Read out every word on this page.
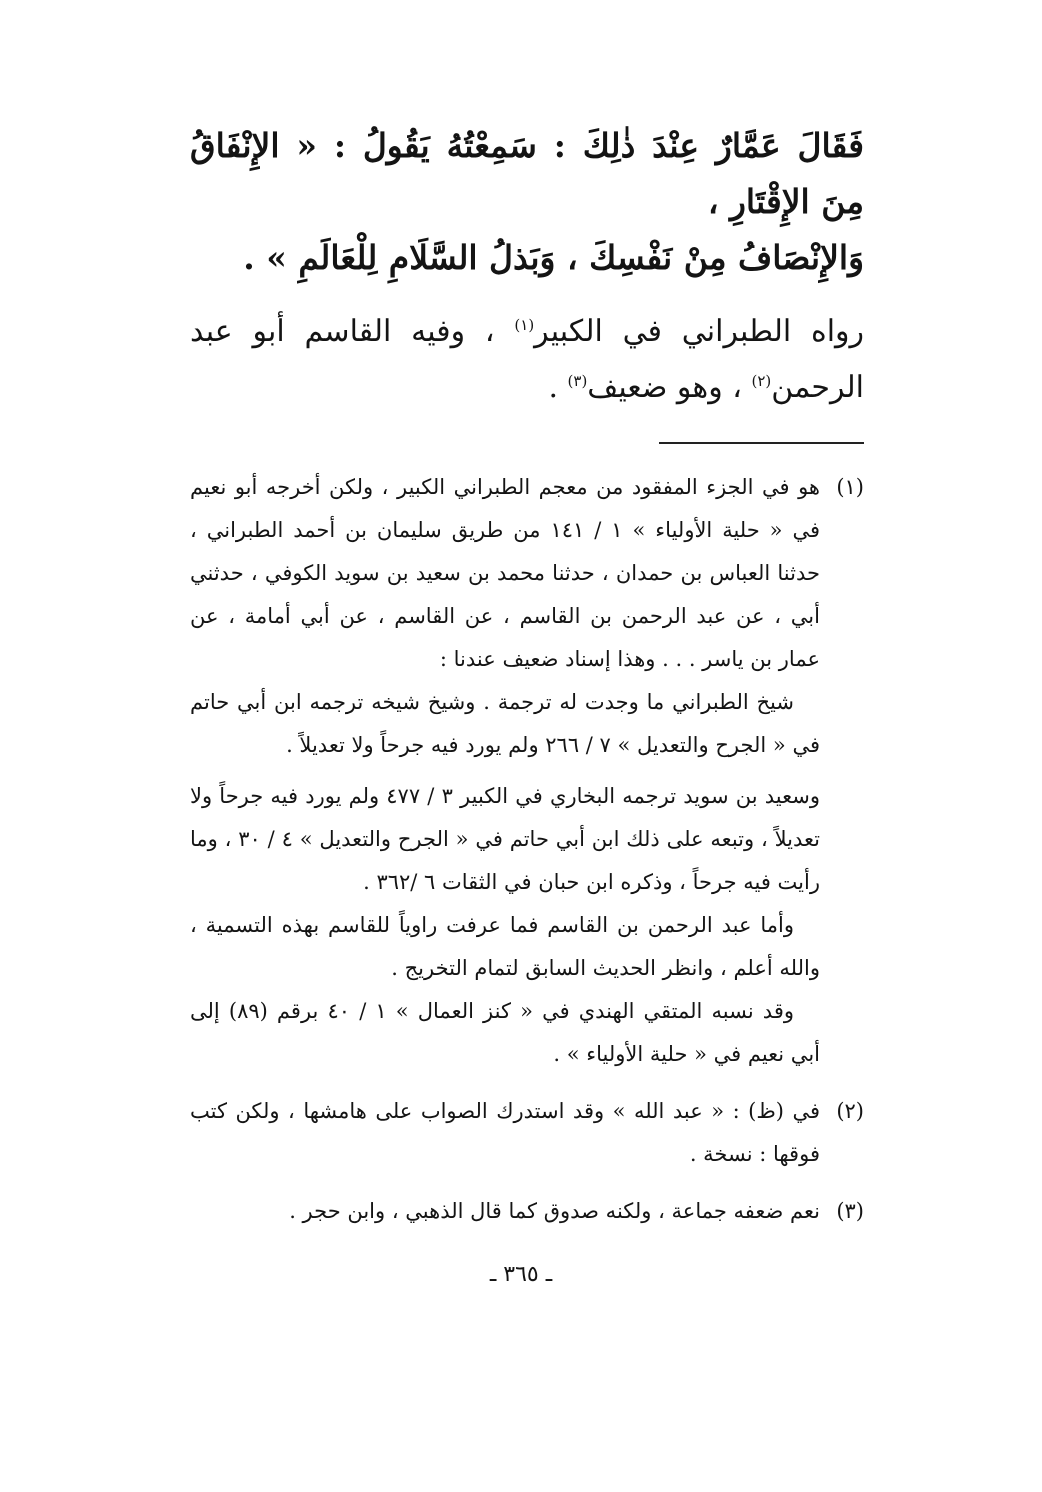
فَقَالَ عَمَّارٌ عِنْدَ ذٰلِكَ : سَمِعْتُهُ يَقُولُ : « الإِنْفَاقُ مِنَ الإِقْتَارِ ،

وَالإِنْصَافُ مِنْ نَفْسِكَ ، وَبَذلُ السَّلَامِ لِلْعَالَمِ » .

رواه الطبراني في الكبير$^{(١)}$ ، وفيه القاسم أبو عبد الرحمن$^{(٢)}$ ، وهو ضعيف$^{(٣)}$ .

(١)

هو في الجزء المفقود من معجم الطبراني الكبير ، ولكن أخرجه أبو نعيم في « حلية الأولياء » ١ / ١٤١ من طريق سليمان بن أحمد الطبراني ، حدثنا العباس بن حمدان ، حدثنا محمد بن سعيد بن سويد الكوفي ، حدثني أبي ، عن عبد الرحمن بن القاسم ، عن القاسم ، عن أبي أمامة ، عن عمار بن ياسر . . . وهذا إسناد ضعيف عندنا :

شيخ الطبراني ما وجدت له ترجمة . وشيخ شيخه ترجمه ابن أبي حاتم في « الجرح والتعديل » ٧ / ٢٦٦ ولم يورد فيه جرحاً ولا تعديلاً .

وسعيد بن سويد ترجمه البخاري في الكبير ٣ / ٤٧٧ ولم يورد فيه جرحاً ولا تعديلاً ، وتبعه على ذلك ابن أبي حاتم في « الجرح والتعديل » ٤ / ٣٠ ، وما رأيت فيه جرحاً ، وذكره ابن حبان في الثقات ٦ /٣٦٢ .

وأما عبد الرحمن بن القاسم فما عرفت راوياً للقاسم بهذه التسمية ، والله أعلم ، وانظر الحديث السابق لتمام التخريج .

وقد نسبه المتقي الهندي في « كنز العمال » ١ / ٤٠ برقم (٨٩) إلى أبي نعيم في « حلية الأولياء » .

(٢)

في (ظ) : « عبد الله » وقد استدرك الصواب على هامشها ، ولكن كتب فوقها : نسخة .

(٣)

نعم ضعفه جماعة ، ولكنه صدوق كما قال الذهبي ، وابن حجر .

ـ ٣٦٥ ـ
